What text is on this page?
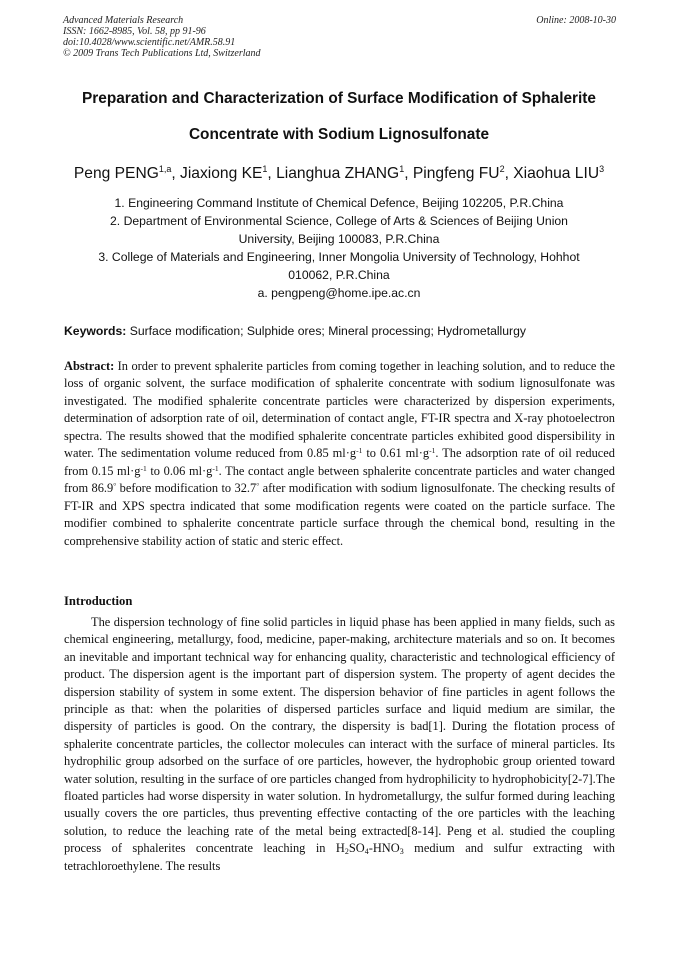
Advanced Materials Research
ISSN: 1662-8985, Vol. 58, pp 91-96
doi:10.4028/www.scientific.net/AMR.58.91
© 2009 Trans Tech Publications Ltd, Switzerland
Online: 2008-10-30
Preparation and Characterization of Surface Modification of Sphalerite
Concentrate with Sodium Lignosulfonate
Peng PENG$^{1,a}$, Jiaxiong $KE^1$, Lianghua ZHANG$^1$, Pingfeng $FU^2$, Xiaohua LIU$^3$
1. Engineering Command Institute of Chemical Defence, Beijing 102205, P.R.China
2. Department of Environmental Science, College of Arts & Sciences of Beijing Union
University, Beijing 100083, P.R.China
3. College of Materials and Engineering, Inner Mongolia University of Technology, Hohhot
010062, P.R.China
a. pengpeng@home.ipe.ac.cn
Keywords: Surface modification; Sulphide ores; Mineral processing; Hydrometallurgy
Abstract: In order to prevent sphalerite particles from coming together in leaching solution, and to reduce the loss of organic solvent, the surface modification of sphalerite concentrate with sodium lignosulfonate was investigated. The modified sphalerite concentrate particles were characterized by dispersion experiments, determination of adsorption rate of oil, determination of contact angle, FT-IR spectra and X-ray photoelectron spectra. The results showed that the modified sphalerite concentrate particles exhibited good dispersibility in water. The sedimentation volume reduced from 0.85 $ml\cdot g^{-1}$ to 0.61 $ml\cdot g^{-1}$. The adsorption rate of oil reduced from 0.15 $ml\cdot g^{-1}$ to 0.06 $ml\cdot g^{-1}$. The contact angle between sphalerite concentrate particles and water changed from 86.9° before modification to 32.7° after modification with sodium lignosulfonate. The checking results of FT-IR and XPS spectra indicated that some modification regents were coated on the particle surface. The modifier combined to sphalerite concentrate particle surface through the chemical bond, resulting in the comprehensive stability action of static and steric effect.
Introduction
The dispersion technology of fine solid particles in liquid phase has been applied in many fields, such as chemical engineering, metallurgy, food, medicine, paper-making, architecture materials and so on. It becomes an inevitable and important technical way for enhancing quality, characteristic and technological efficiency of product. The dispersion agent is the important part of dispersion system. The property of agent decides the dispersion stability of system in some extent. The dispersion behavior of fine particles in agent follows the principle as that: when the polarities of dispersed particles surface and liquid medium are similar, the dispersity of particles is good. On the contrary, the dispersity is bad[1]. During the flotation process of sphalerite concentrate particles, the collector molecules can interact with the surface of mineral particles. Its hydrophilic group adsorbed on the surface of ore particles, however, the hydrophobic group oriented toward water solution, resulting in the surface of ore particles changed from hydrophilicity to hydrophobicity[2-7].The floated particles had worse dispersity in water solution. In hydrometallurgy, the sulfur formed during leaching usually covers the ore particles, thus preventing effective contacting of the ore particles with the leaching solution, to reduce the leaching rate of the metal being extracted[8-14]. Peng et al. studied the coupling process of sphalerites concentrate leaching in $H_2SO_4-HNO_3$ medium and sulfur extracting with tetrachloroethylene. The results
